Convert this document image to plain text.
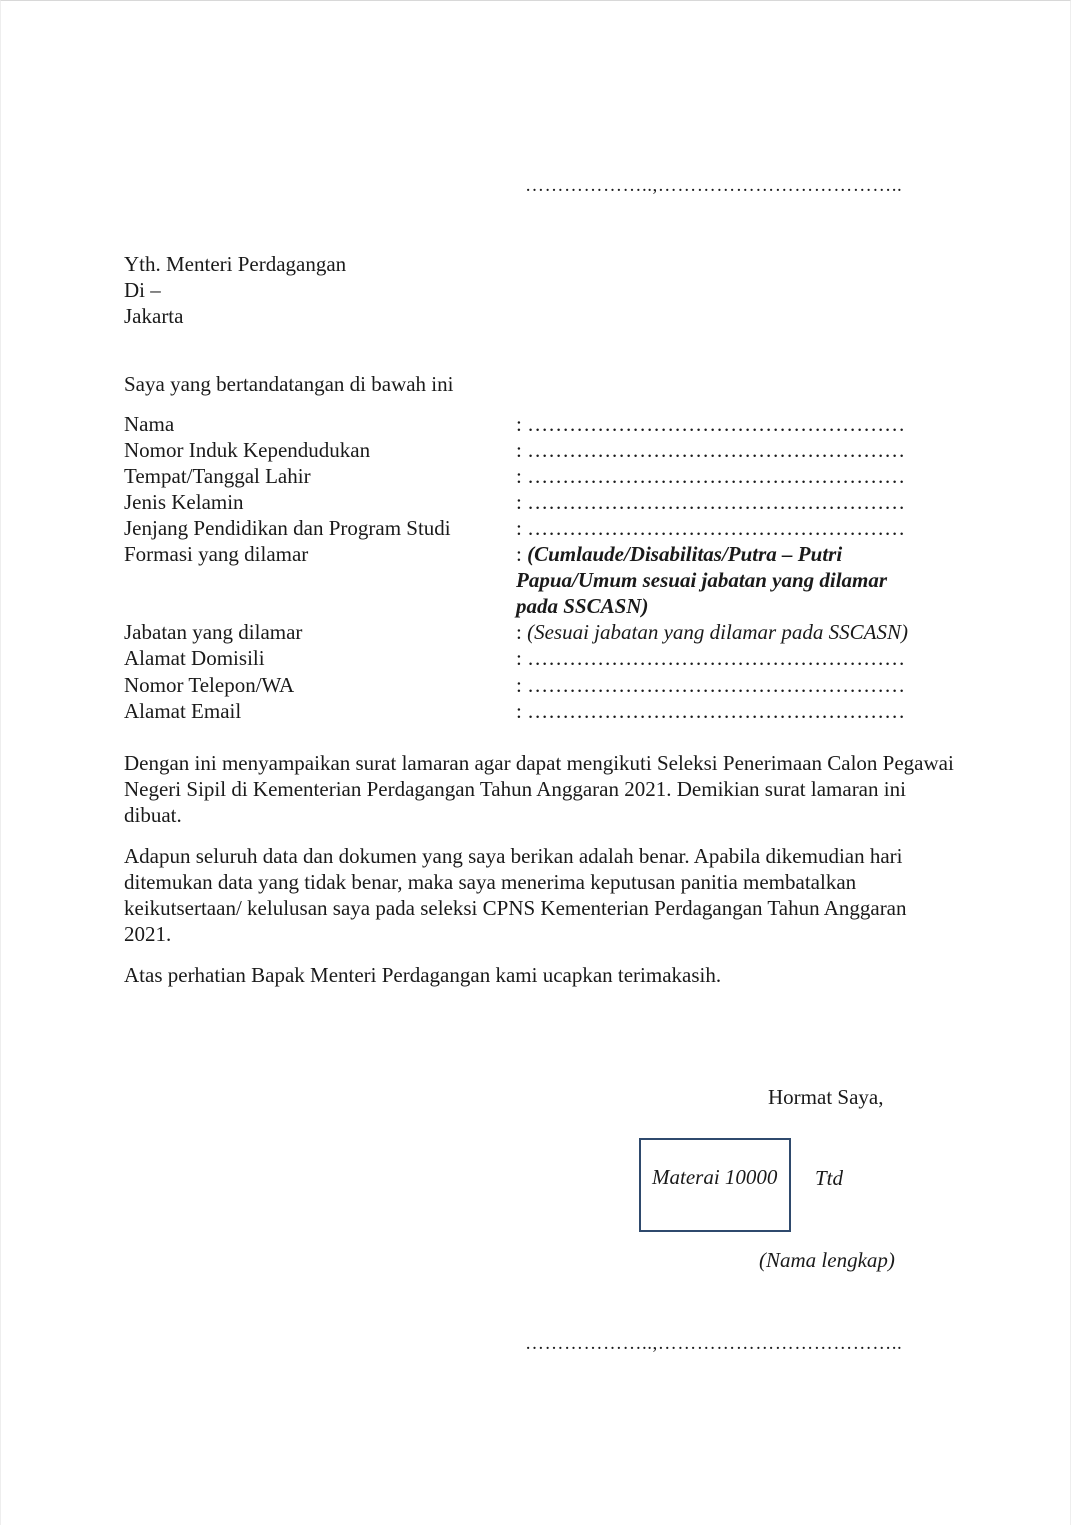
………………..,………………………………..
Yth. Menteri Perdagangan
Di –
Jakarta
Saya yang bertandatangan di bawah ini
Nama	: ………………………………………………
Nomor Induk Kependudukan	: ………………………………………………
Tempat/Tanggal Lahir	: ………………………………………………
Jenis Kelamin	: ………………………………………………
Jenjang Pendidikan dan Program Studi	: ………………………………………………
Formasi yang dilamar	: (Cumlaude/Disabilitas/Putra – Putri
Papua/Umum sesuai jabatan yang dilamar
pada SSCASN)
Jabatan yang dilamar	: (Sesuai jabatan yang dilamar pada SSCASN)
Alamat Domisili	: ………………………………………………
Nomor Telepon/WA	: ………………………………………………
Alamat Email	: ………………………………………………
Dengan ini menyampaikan surat lamaran agar dapat mengikuti Seleksi Penerimaan Calon Pegawai Negeri Sipil di Kementerian Perdagangan Tahun Anggaran 2021. Demikian surat lamaran ini dibuat.
Adapun seluruh data dan dokumen yang saya berikan adalah benar. Apabila dikemudian hari ditemukan data yang tidak benar, maka saya menerima keputusan panitia membatalkan keikutsertaan/ kelulusan saya pada seleksi CPNS Kementerian Perdagangan Tahun Anggaran 2021.
Atas perhatian Bapak Menteri Perdagangan kami ucapkan terimakasih.
Hormat Saya,
Materai 10000 Ttd
(Nama lengkap)
………………..,………………………………..
